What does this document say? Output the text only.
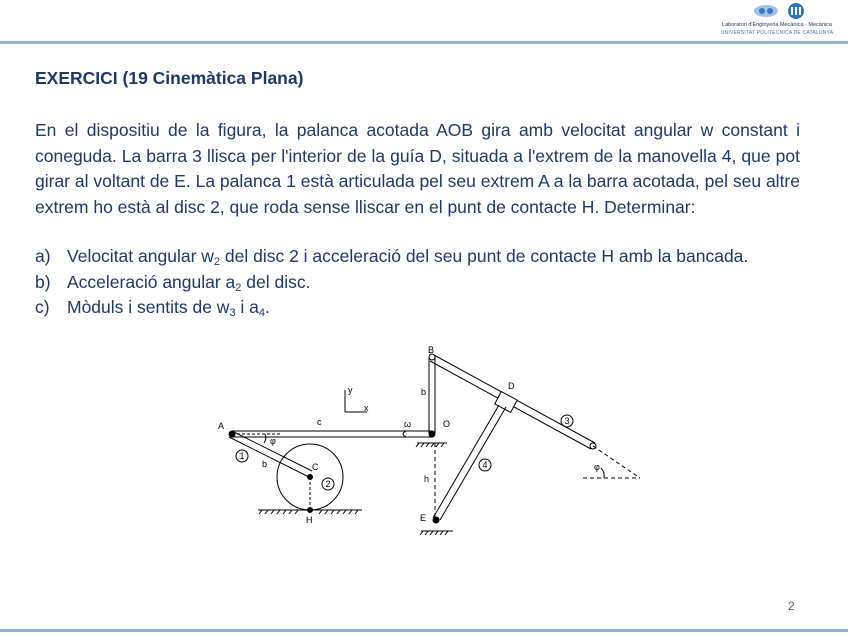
Laboratori d'Enginyeria Mecànica · Mecànica
UNIVERSITAT POLITÈCNICA DE CATALUNYA
EXERCICI (19 Cinemàtica Plana)
En el dispositiu de la figura, la palanca acotada AOB gira amb velocitat angular w constant i coneguda. La barra 3 llisca per l'interior de la guía D, situada a l'extrem de la manovella 4, que pot girar al voltant de E. La palanca 1 està articulada pel seu extrem A a la barra acotada, pel seu altre extrem ho està al disc 2, que roda sense lliscar en el punt de contacte H. Determinar:
a) Velocitat angular $w_2$ del disc 2 i acceleració del seu punt de contacte H amb la bancada.
b) Acceleració angular $a_2$ del disc.
c) Mòduls i sentits de $w_3$ i $a_4$.
y
x
c
b
B
O
ω
A
b
φ
1
C
2
H
3
D
4
h
E
φ
2
